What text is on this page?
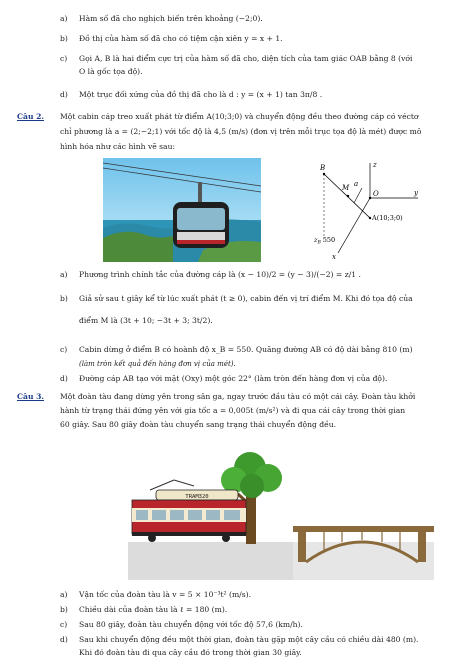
a)	Hàm số đã cho nghịch biến trên khoảng (−2;0).
b)	Đồ thị của hàm số đã cho có tiệm cận xiên y = x + 1.
c)	Gọi A, B là hai điểm cực trị của hàm số đã cho, diện tích của tam giác OAB bằng 8 (với
O là gốc tọa độ).
d)	Một trục đối xứng của đồ thị đã cho là d : y = (x + 1) tan 3π/8 .
Câu 2. Một cabin cáp treo xuất phát từ điểm A(10;3;0) và chuyển động đều theo đường cáp có véctơ
chỉ phương là a = (2;−2;1) với tốc độ là 4,5 (m/s) (đơn vị trên mỗi trục tọa độ là mét) được mô
hình hóa như các hình vẽ sau:
B
M a
O
A(10;3;0)
z
y
x
$z_B$ 550
a)	Phương trình chính tắc của đường cáp là (x − 10)/2 = (y − 3)/(−2) = z/1 .
b)	Giả sử sau t giây kể từ lúc xuất phát (t ≥ 0), cabin đến vị trí điểm M. Khi đó tọa độ của
điểm M là (3t + 10; −3t + 3; 3t/2).
c)	Cabin dừng ở điểm B có hoành độ x_B = 550. Quãng đường AB có độ dài bằng 810 (m)
(làm tròn kết quả đến hàng đơn vị của mét).
d)	Đường cáp AB tạo với mặt (Oxy) một góc 22° (làm tròn đến hàng đơn vị của độ).
Câu 3. Một đoàn tàu đang dừng yên trong sân ga, ngay trước đầu tàu có một cái cây. Đoàn tàu khởi
hành từ trạng thái đứng yên với gia tốc a = 0,005t (m/s²) và đi qua cái cây trong thời gian
60 giây. Sau 80 giây đoàn tàu chuyển sang trạng thái chuyển động đều.
TRAM320
a)	Vận tốc của đoàn tàu là v = 5 × 10⁻³t² (m/s).
b)	Chiều dài của đoàn tàu là ℓ = 180 (m).
c)	Sau 80 giây, đoàn tàu chuyển động với tốc độ 57,6 (km/h).
d)	Sau khi chuyển động đều một thời gian, đoàn tàu gặp một cây cầu có chiều dài 480 (m).
Khi đó đoàn tàu đi qua cây cầu đó trong thời gian 30 giây.
